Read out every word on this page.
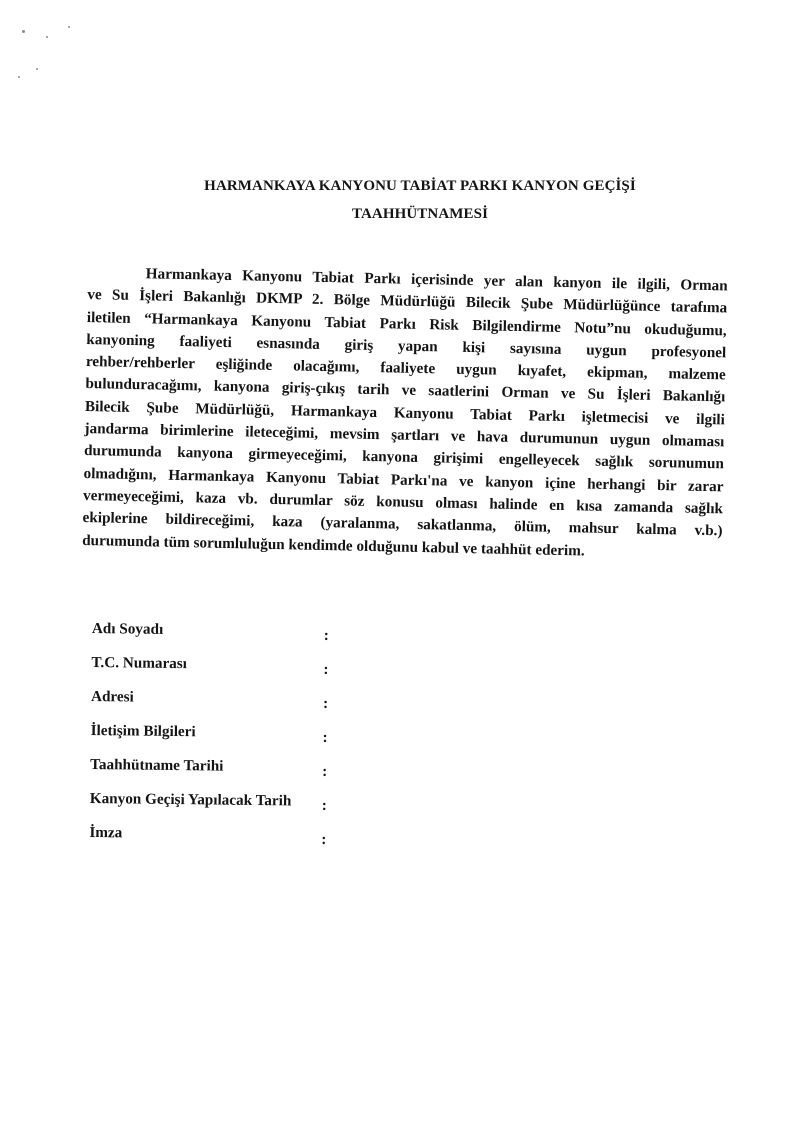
HARMANKAYA KANYONU TABİAT PARKI KANYON GEÇİŞİ
TAAHHÜTNAMESİ
Harmankaya Kanyonu Tabiat Parkı içerisinde yer alan kanyon ile ilgili, Orman
ve Su İşleri Bakanlığı DKMP 2. Bölge Müdürlüğü Bilecik Şube Müdürlüğünce tarafıma
iletilen “Harmankaya Kanyonu Tabiat Parkı Risk Bilgilendirme Notu”nu okuduğumu,
kanyoning faaliyeti esnasında giriş yapan kişi sayısına uygun profesyonel
rehber/rehberler eşliğinde olacağımı, faaliyete uygun kıyafet, ekipman, malzeme
bulunduracağımı, kanyona giriş-çıkış tarih ve saatlerini Orman ve Su İşleri Bakanlığı
Bilecik Şube Müdürlüğü, Harmankaya Kanyonu Tabiat Parkı işletmecisi ve ilgili
jandarma birimlerine ileteceğimi, mevsim şartları ve hava durumunun uygun olmaması
durumunda kanyona girmeyeceğimi, kanyona girişimi engelleyecek sağlık sorunumun
olmadığını, Harmankaya Kanyonu Tabiat Parkı'na ve kanyon içine herhangi bir zarar
vermeyeceğimi, kaza vb. durumlar söz konusu olması halinde en kısa zamanda sağlık
ekiplerine bildireceğimi, kaza (yaralanma, sakatlanma, ölüm, mahsur kalma v.b.)
durumunda tüm sorumluluğun kendimde olduğunu kabul ve taahhüt ederim.
Adı Soyadı	:
T.C. Numarası	:
Adresi	:
İletişim Bilgileri	:
Taahhütname Tarihi	:
Kanyon Geçişi Yapılacak Tarih :
İmza	:
